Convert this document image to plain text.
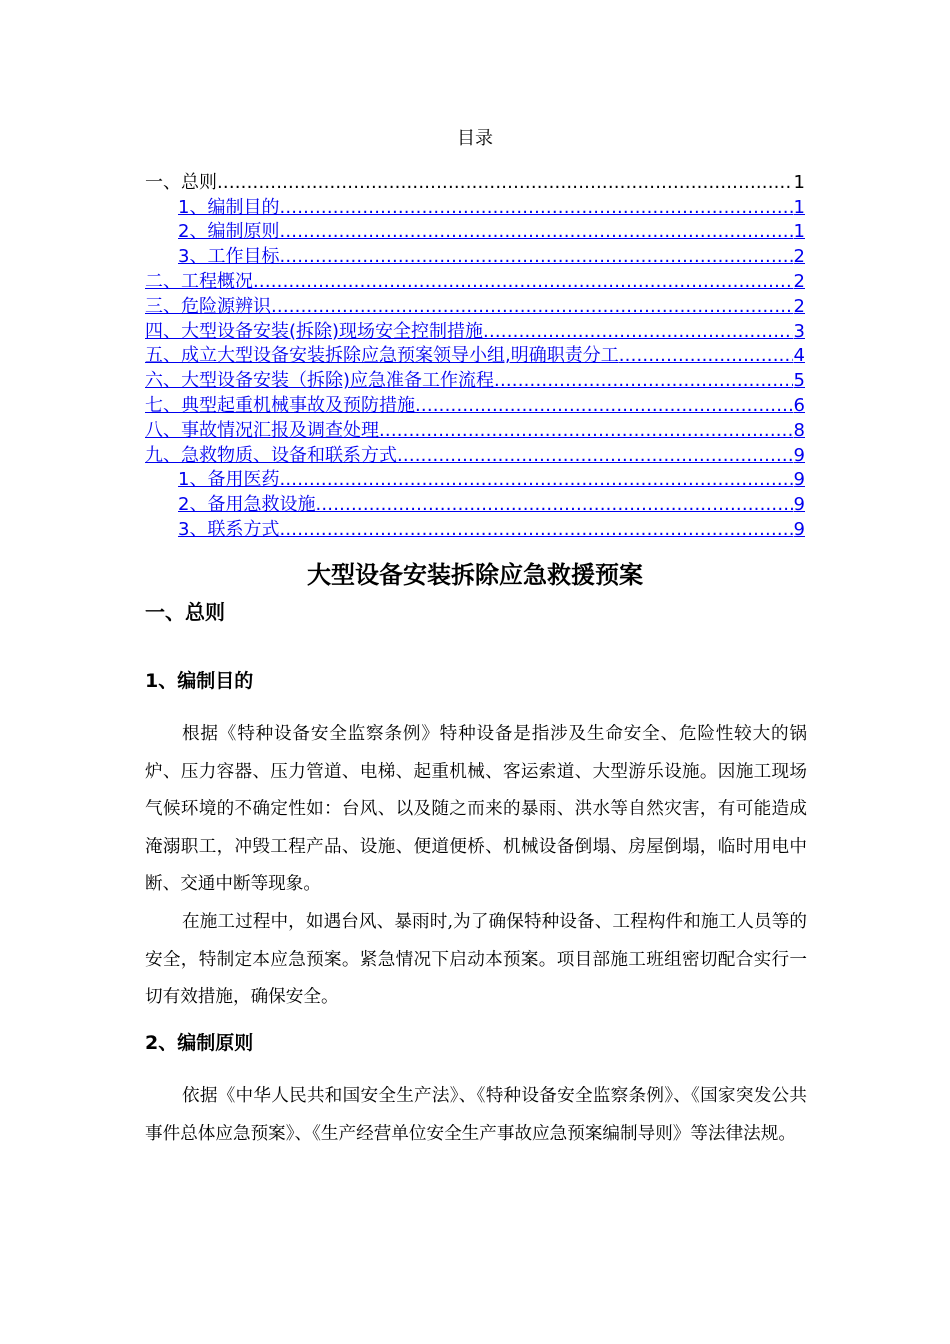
目录
一、总则 .....	1
1、编制目的 .....	1
2、编制原则 .....	1
3、工作目标 .....	2
二、工程概况 .....	2
三、危险源辨识 .....	2
四、大型设备安装(拆除)现场安全控制措施 .....	3
五、成立大型设备安装拆除应急预案领导小组,明确职责分工 .....	4
六、大型设备安装（拆除)应急准备工作流程 .....	5
七、典型起重机械事故及预防措施 .....	6
八、事故情况汇报及调查处理 .....	8
九、急救物质、设备和联系方式 .....	9
1、备用医药 .....	9
2、备用急救设施 .....	9
3、联系方式 .....	9
大型设备安装拆除应急救援预案
一、总则
1、编制目的
根据《特种设备安全监察条例》特种设备是指涉及生命安全、危险性较大的锅炉、压力容器、压力管道、电梯、起重机械、客运索道、大型游乐设施。因施工现场气候环境的不确定性如：台风、以及随之而来的暴雨、洪水等自然灾害，有可能造成淹溺职工，冲毁工程产品、设施、便道便桥、机械设备倒塌、房屋倒塌，临时用电中断、交通中断等现象。
在施工过程中，如遇台风、暴雨时,为了确保特种设备、工程构件和施工人员等的安全，特制定本应急预案。紧急情况下启动本预案。项目部施工班组密切配合实行一切有效措施，确保安全。
2、编制原则
依据《中华人民共和国安全生产法》、《特种设备安全监察条例》、《国家突发公共事件总体应急预案》、《生产经营单位安全生产事故应急预案编制导则》等法律法规。
